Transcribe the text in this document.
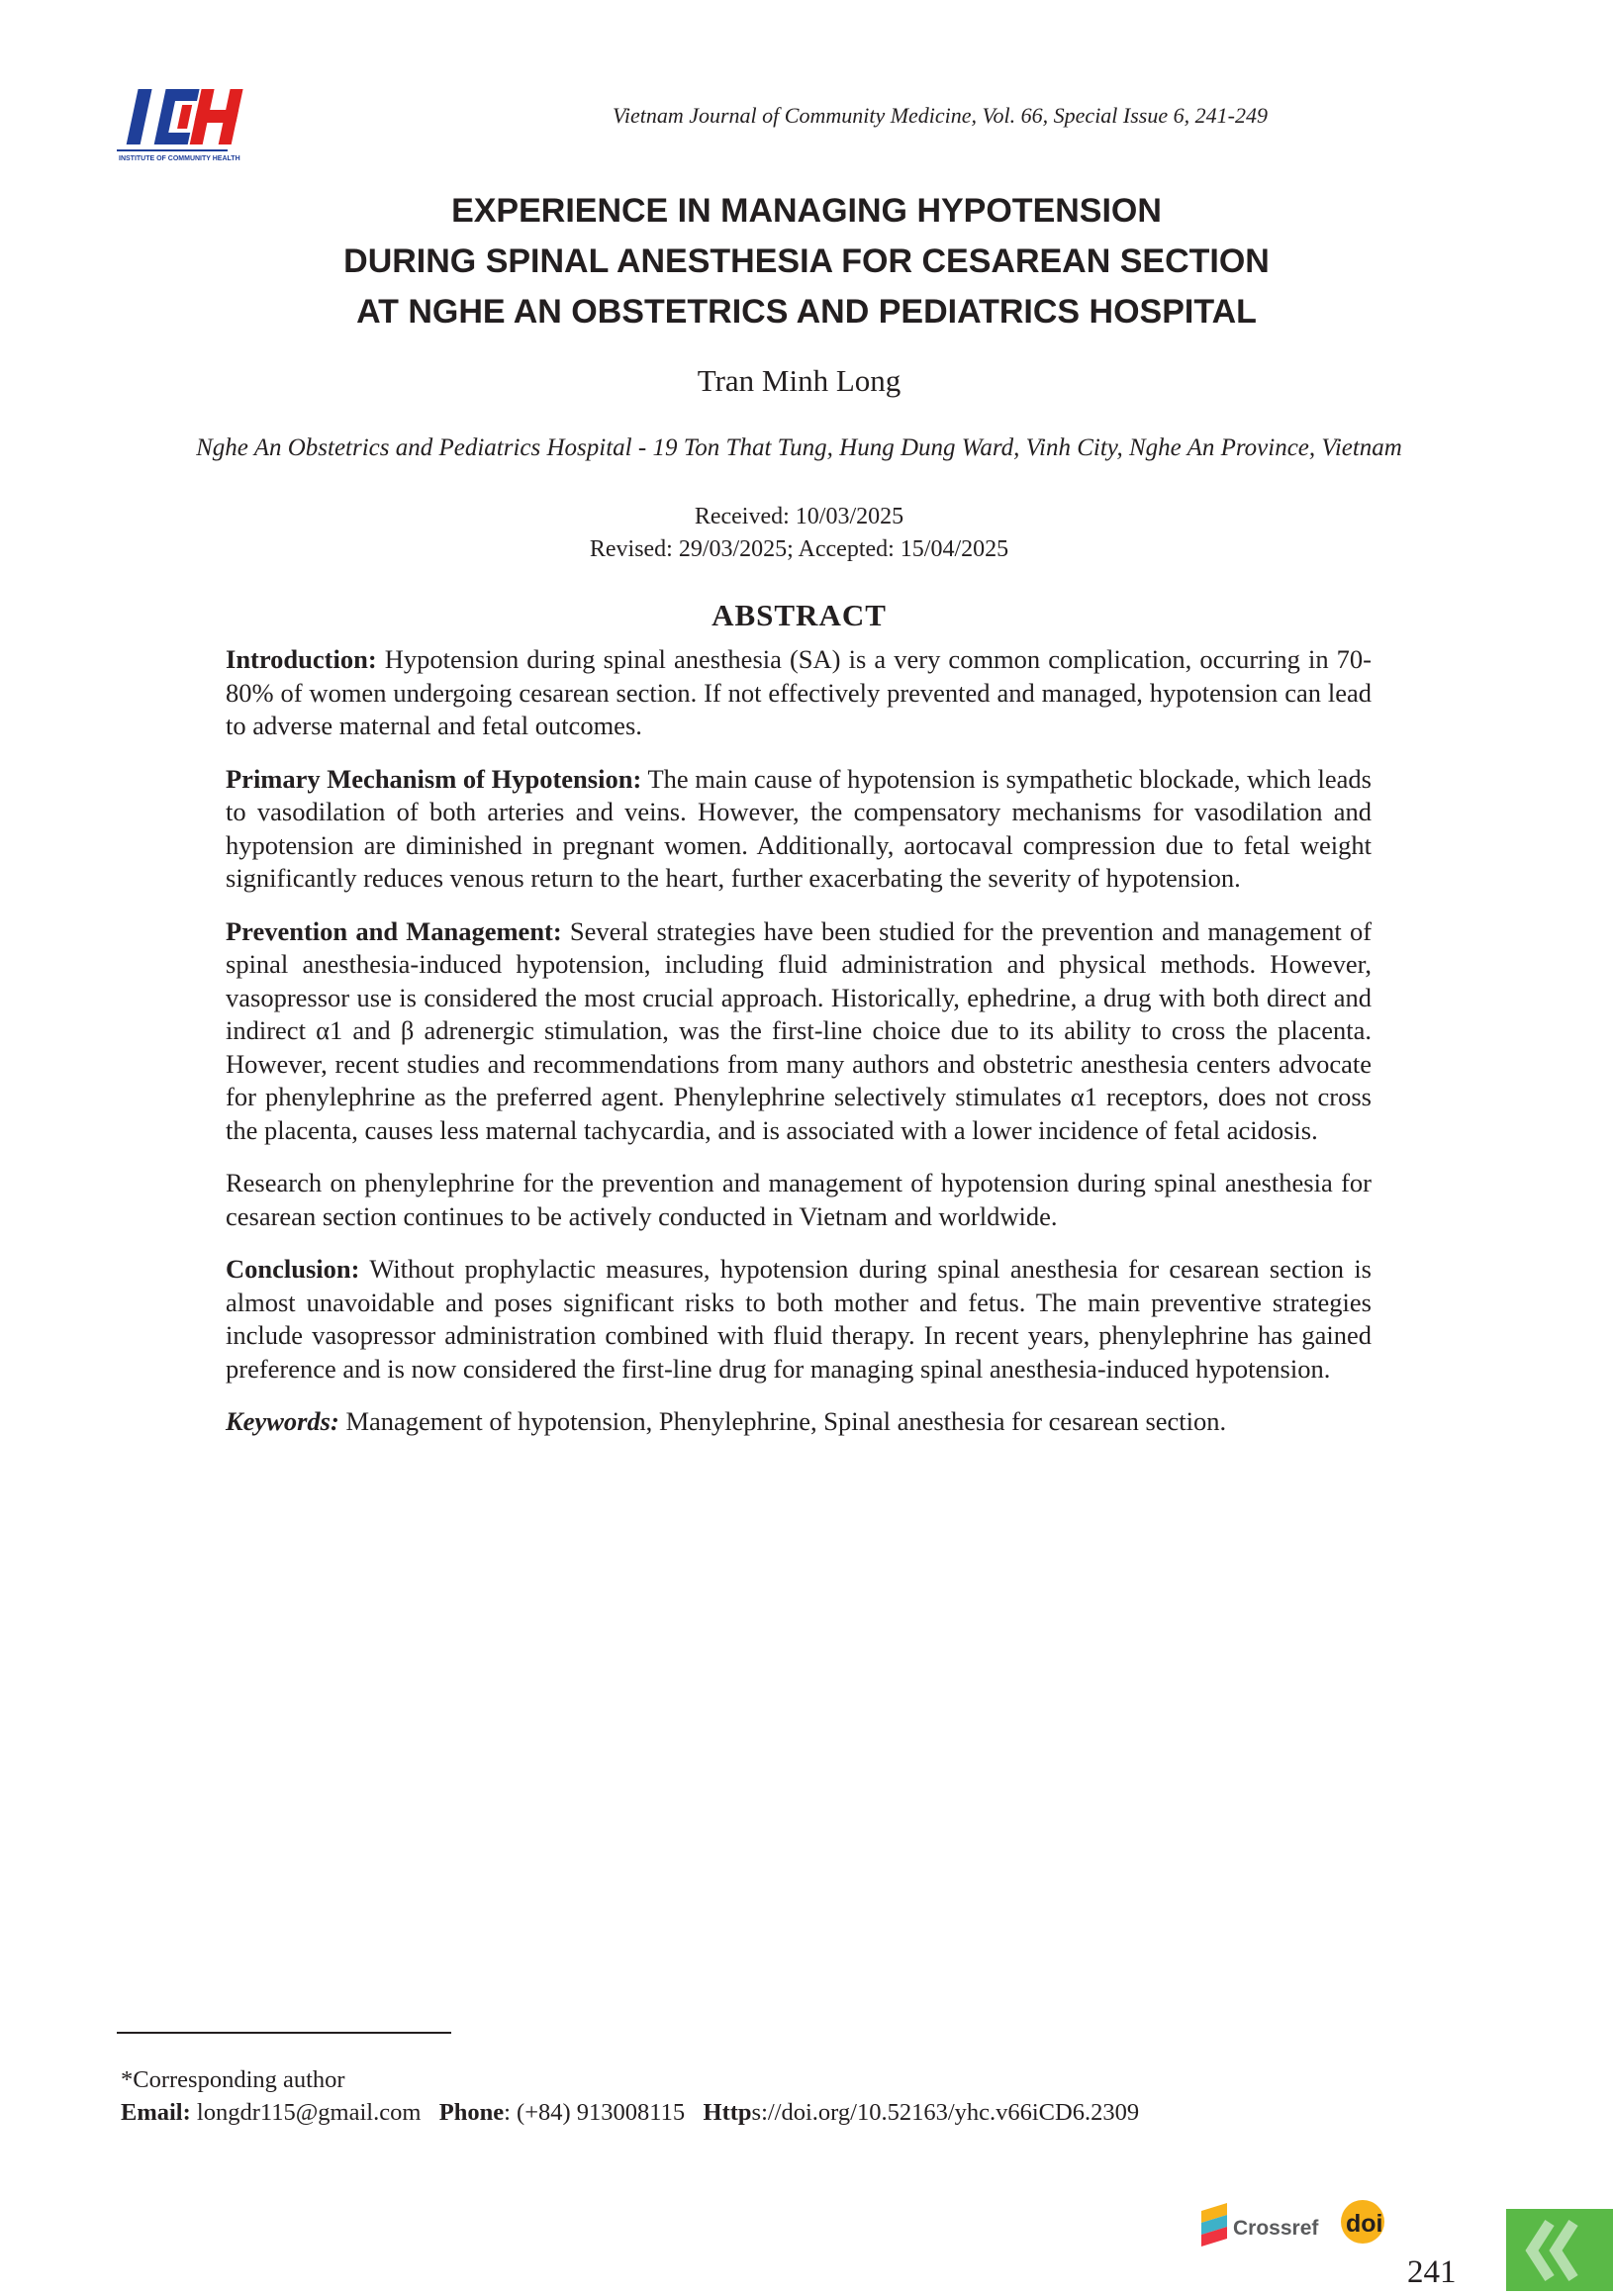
INSTITUTE OF COMMUNITY HEALTH
Vietnam Journal of Community Medicine, Vol. 66, Special Issue 6, 241-249
EXPERIENCE IN MANAGING HYPOTENSION
DURING SPINAL ANESTHESIA FOR CESAREAN SECTION
AT NGHE AN OBSTETRICS AND PEDIATRICS HOSPITAL
Tran Minh Long
Nghe An Obstetrics and Pediatrics Hospital - 19 Ton That Tung, Hung Dung Ward, Vinh City, Nghe An Province, Vietnam
Received: 10/03/2025
Revised: 29/03/2025; Accepted: 15/04/2025
ABSTRACT

Introduction: Hypotension during spinal anesthesia (SA) is a very common complication, occurring in 70-80% of women undergoing cesarean section. If not effectively prevented and managed, hypotension can lead to adverse maternal and fetal outcomes.

Primary Mechanism of Hypotension: The main cause of hypotension is sympathetic blockade, which leads to vasodilation of both arteries and veins. However, the compensatory mechanisms for vasodilation and hypotension are diminished in pregnant women. Additionally, aortocaval compression due to fetal weight significantly reduces venous return to the heart, further exacerbating the severity of hypotension.

Prevention and Management: Several strategies have been studied for the prevention and management of spinal anesthesia-induced hypotension, including fluid administration and physical methods. However, vasopressor use is considered the most crucial approach. Historically, ephedrine, a drug with both direct and indirect α1 and β adrenergic stimulation, was the first-line choice due to its ability to cross the placenta. However, recent studies and recommendations from many authors and obstetric anesthesia centers advocate for phenylephrine as the preferred agent. Phenylephrine selectively stimulates α1 receptors, does not cross the placenta, causes less maternal tachycardia, and is associated with a lower incidence of fetal acidosis.

Research on phenylephrine for the prevention and management of hypotension during spinal anesthesia for cesarean section continues to be actively conducted in Vietnam and worldwide.

Conclusion: Without prophylactic measures, hypotension during spinal anesthesia for cesarean section is almost unavoidable and poses significant risks to both mother and fetus. The main preventive strategies include vasopressor administration combined with fluid therapy. In recent years, phenylephrine has gained preference and is now considered the first-line drug for managing spinal anesthesia-induced hypotension.

Keywords: Management of hypotension, Phenylephrine, Spinal anesthesia for cesarean section.

*Corresponding author
Email: longdr115@gmail.com Phone: (+84) 913008115 Https://doi.org/10.52163/yhc.v66iCD6.2309
Crossref doi
241
